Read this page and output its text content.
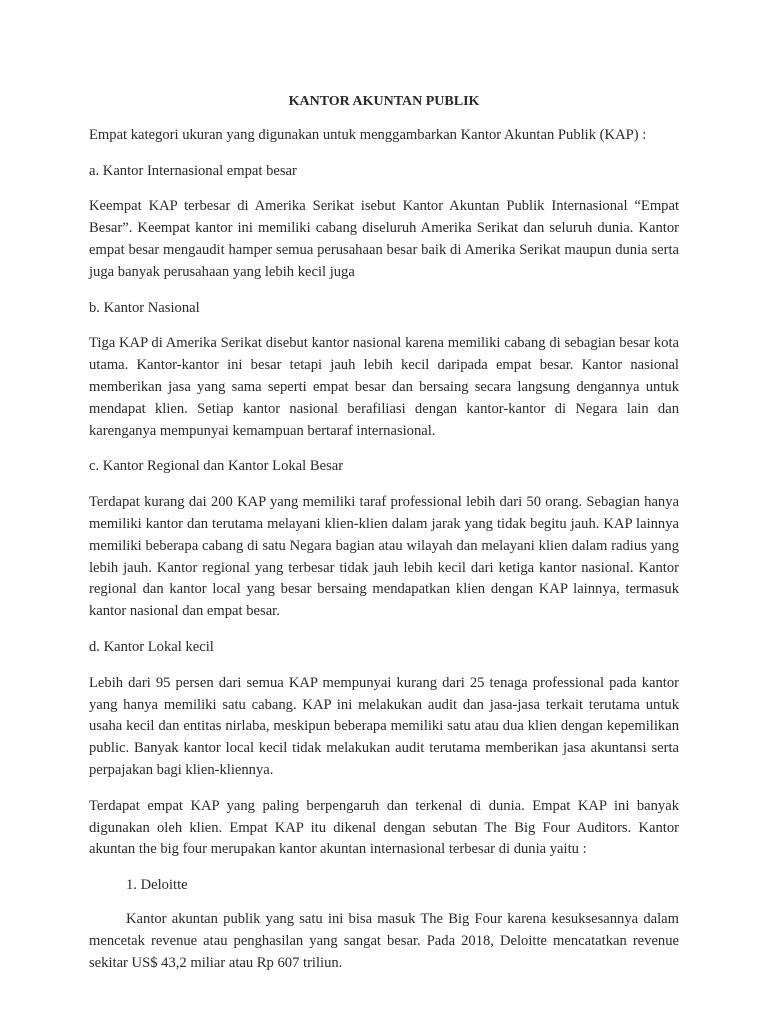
KANTOR AKUNTAN PUBLIK
Empat kategori ukuran yang digunakan untuk menggambarkan Kantor Akuntan Publik (KAP) :
a. Kantor Internasional empat besar
Keempat KAP terbesar di Amerika Serikat isebut Kantor Akuntan Publik Internasional “Empat Besar”. Keempat kantor ini memiliki cabang diseluruh Amerika Serikat dan seluruh dunia. Kantor empat besar mengaudit hamper semua perusahaan besar baik di Amerika Serikat maupun dunia serta juga banyak perusahaan yang lebih kecil juga
b. Kantor Nasional
Tiga KAP di Amerika Serikat disebut kantor nasional karena memiliki cabang di sebagian besar kota utama. Kantor-kantor ini besar tetapi jauh lebih kecil daripada empat besar. Kantor nasional memberikan jasa yang sama seperti empat besar dan bersaing secara langsung dengannya untuk mendapat klien. Setiap kantor nasional berafiliasi dengan kantor-kantor di Negara lain dan karenganya mempunyai kemampuan bertaraf internasional.
c. Kantor Regional dan Kantor Lokal Besar
Terdapat kurang dai 200 KAP yang memiliki taraf professional lebih dari 50 orang. Sebagian hanya memiliki kantor dan terutama melayani klien-klien dalam jarak yang tidak begitu jauh. KAP lainnya memiliki beberapa cabang di satu Negara bagian atau wilayah dan melayani klien dalam radius yang lebih jauh. Kantor regional yang terbesar tidak jauh lebih kecil dari ketiga kantor nasional. Kantor regional dan kantor local yang besar bersaing mendapatkan klien dengan KAP lainnya, termasuk kantor nasional dan empat besar.
d. Kantor Lokal kecil
Lebih dari 95 persen dari semua KAP mempunyai kurang dari 25 tenaga professional pada kantor yang hanya memiliki satu cabang. KAP ini melakukan audit dan jasa-jasa terkait terutama untuk usaha kecil dan entitas nirlaba, meskipun beberapa memiliki satu atau dua klien dengan kepemilikan public. Banyak kantor local kecil tidak melakukan audit terutama memberikan jasa akuntansi serta perpajakan bagi klien-kliennya.
Terdapat empat KAP yang paling berpengaruh dan terkenal di dunia. Empat KAP ini banyak digunakan oleh klien. Empat KAP itu dikenal dengan sebutan The Big Four Auditors. Kantor akuntan the big four merupakan kantor akuntan internasional terbesar di dunia yaitu :
1. Deloitte
Kantor akuntan publik yang satu ini bisa masuk The Big Four karena kesuksesannya dalam mencetak revenue atau penghasilan yang sangat besar. Pada 2018, Deloitte mencatatkan revenue sekitar US$ 43,2 miliar atau Rp 607 triliun.
